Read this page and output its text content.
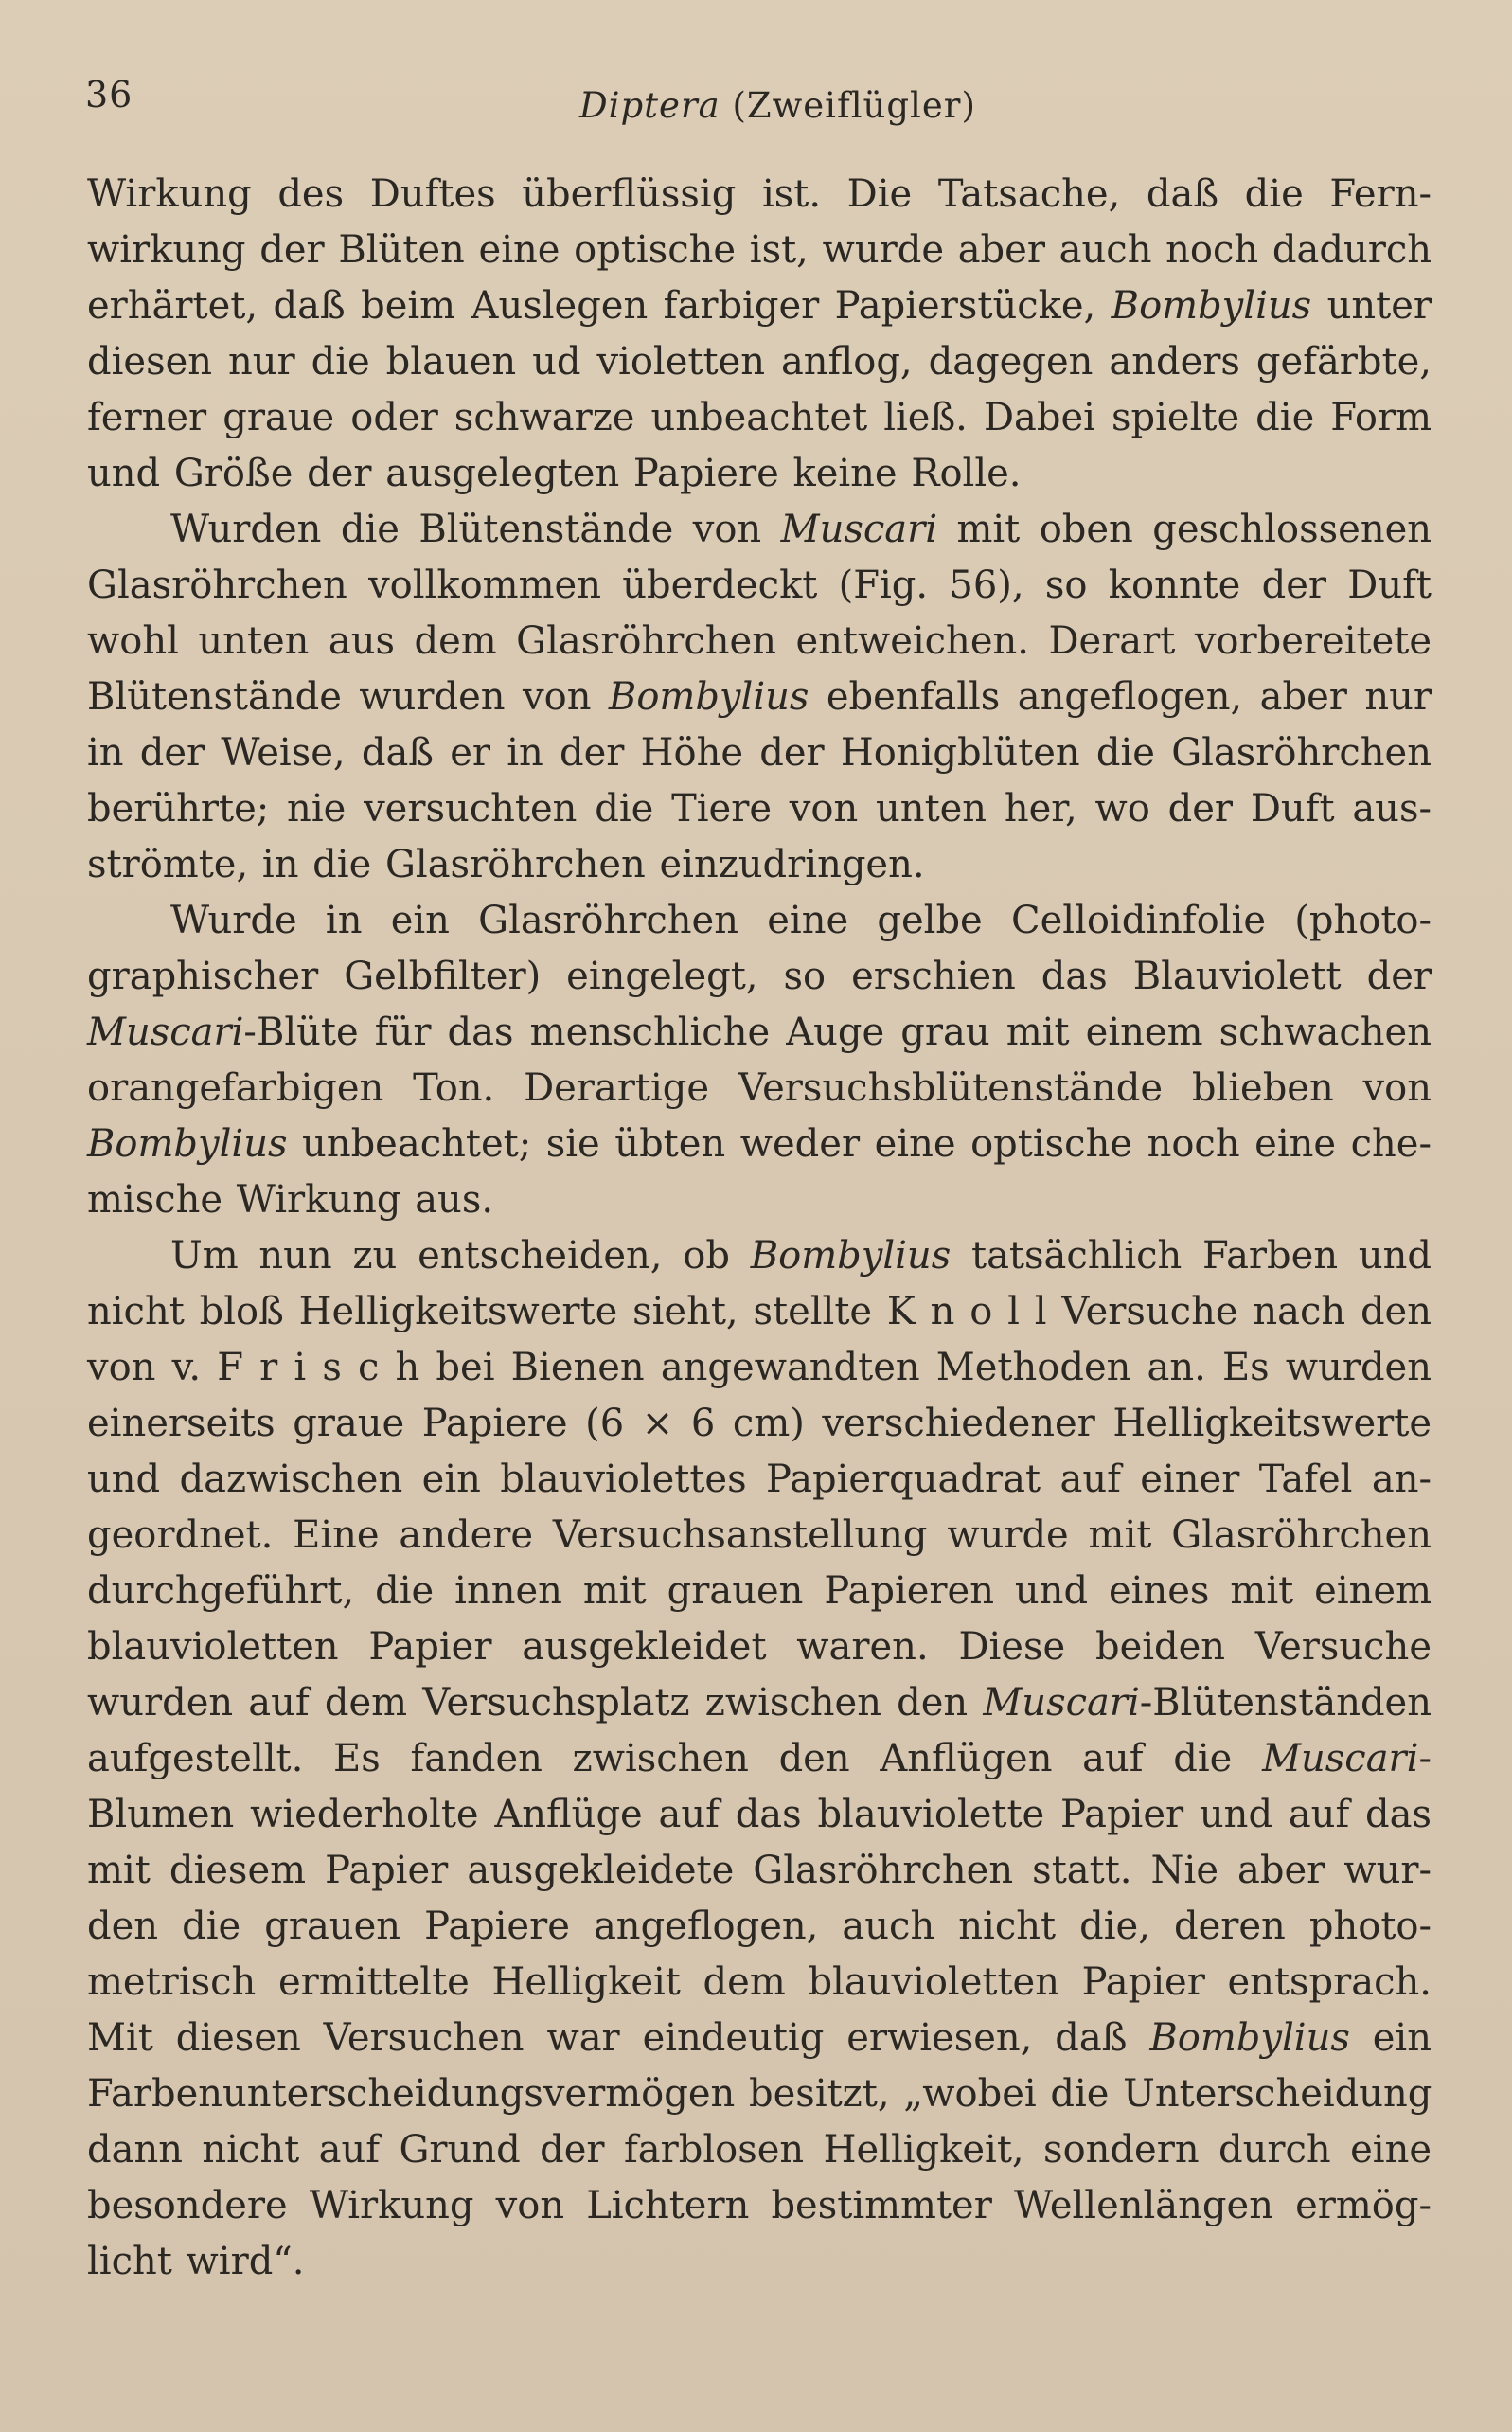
36	Diptera (Zweiflügler)
Wirkung des Duftes überflüssig ist. Die Tatsache, daß die Fern-
wirkung der Blüten eine optische ist, wurde aber auch noch dadurch
erhärtet, daß beim Auslegen farbiger Papierstücke, Bombylius unter
diesen nur die blauen ud violetten anflog, dagegen anders gefärbte,
ferner graue oder schwarze unbeachtet ließ. Dabei spielte die Form
und Größe der ausgelegten Papiere keine Rolle.
Wurden die Blütenstände von Muscari mit oben geschlossenen
Glasröhrchen vollkommen überdeckt (Fig. 56), so konnte der Duft
wohl unten aus dem Glasröhrchen entweichen. Derart vorbereitete
Blütenstände wurden von Bombylius ebenfalls angeflogen, aber nur
in der Weise, daß er in der Höhe der Honigblüten die Glasröhrchen
berührte; nie versuchten die Tiere von unten her, wo der Duft aus-
strömte, in die Glasröhrchen einzudringen.
Wurde in ein Glasröhrchen eine gelbe Celloidinfolie (photo-
graphischer Gelbfilter) eingelegt, so erschien das Blauviolett der
Muscari-Blüte für das menschliche Auge grau mit einem schwachen
orangefarbigen Ton. Derartige Versuchsblütenstände blieben von
Bombylius unbeachtet; sie übten weder eine optische noch eine che-
mische Wirkung aus.
Um nun zu entscheiden, ob Bombylius tatsächlich Farben und
nicht bloß Helligkeitswerte sieht, stellte K n o l l Versuche nach den
von v. F r i s c h bei Bienen angewandten Methoden an. Es wurden
einerseits graue Papiere (6 × 6 cm) verschiedener Helligkeitswerte
und dazwischen ein blauviolettes Papierquadrat auf einer Tafel an-
geordnet. Eine andere Versuchsanstellung wurde mit Glasröhrchen
durchgeführt, die innen mit grauen Papieren und eines mit einem
blauvioletten Papier ausgekleidet waren. Diese beiden Versuche
wurden auf dem Versuchsplatz zwischen den Muscari-Blütenständen
aufgestellt. Es fanden zwischen den Anflügen auf die Muscari-
Blumen wiederholte Anflüge auf das blauviolette Papier und auf das
mit diesem Papier ausgekleidete Glasröhrchen statt. Nie aber wur-
den die grauen Papiere angeflogen, auch nicht die, deren photo-
metrisch ermittelte Helligkeit dem blauvioletten Papier entsprach.
Mit diesen Versuchen war eindeutig erwiesen, daß Bombylius ein
Farbenunterscheidungsvermögen besitzt, „wobei die Unterscheidung
dann nicht auf Grund der farblosen Helligkeit, sondern durch eine
besondere Wirkung von Lichtern bestimmter Wellenlängen ermög-
licht wird“.
